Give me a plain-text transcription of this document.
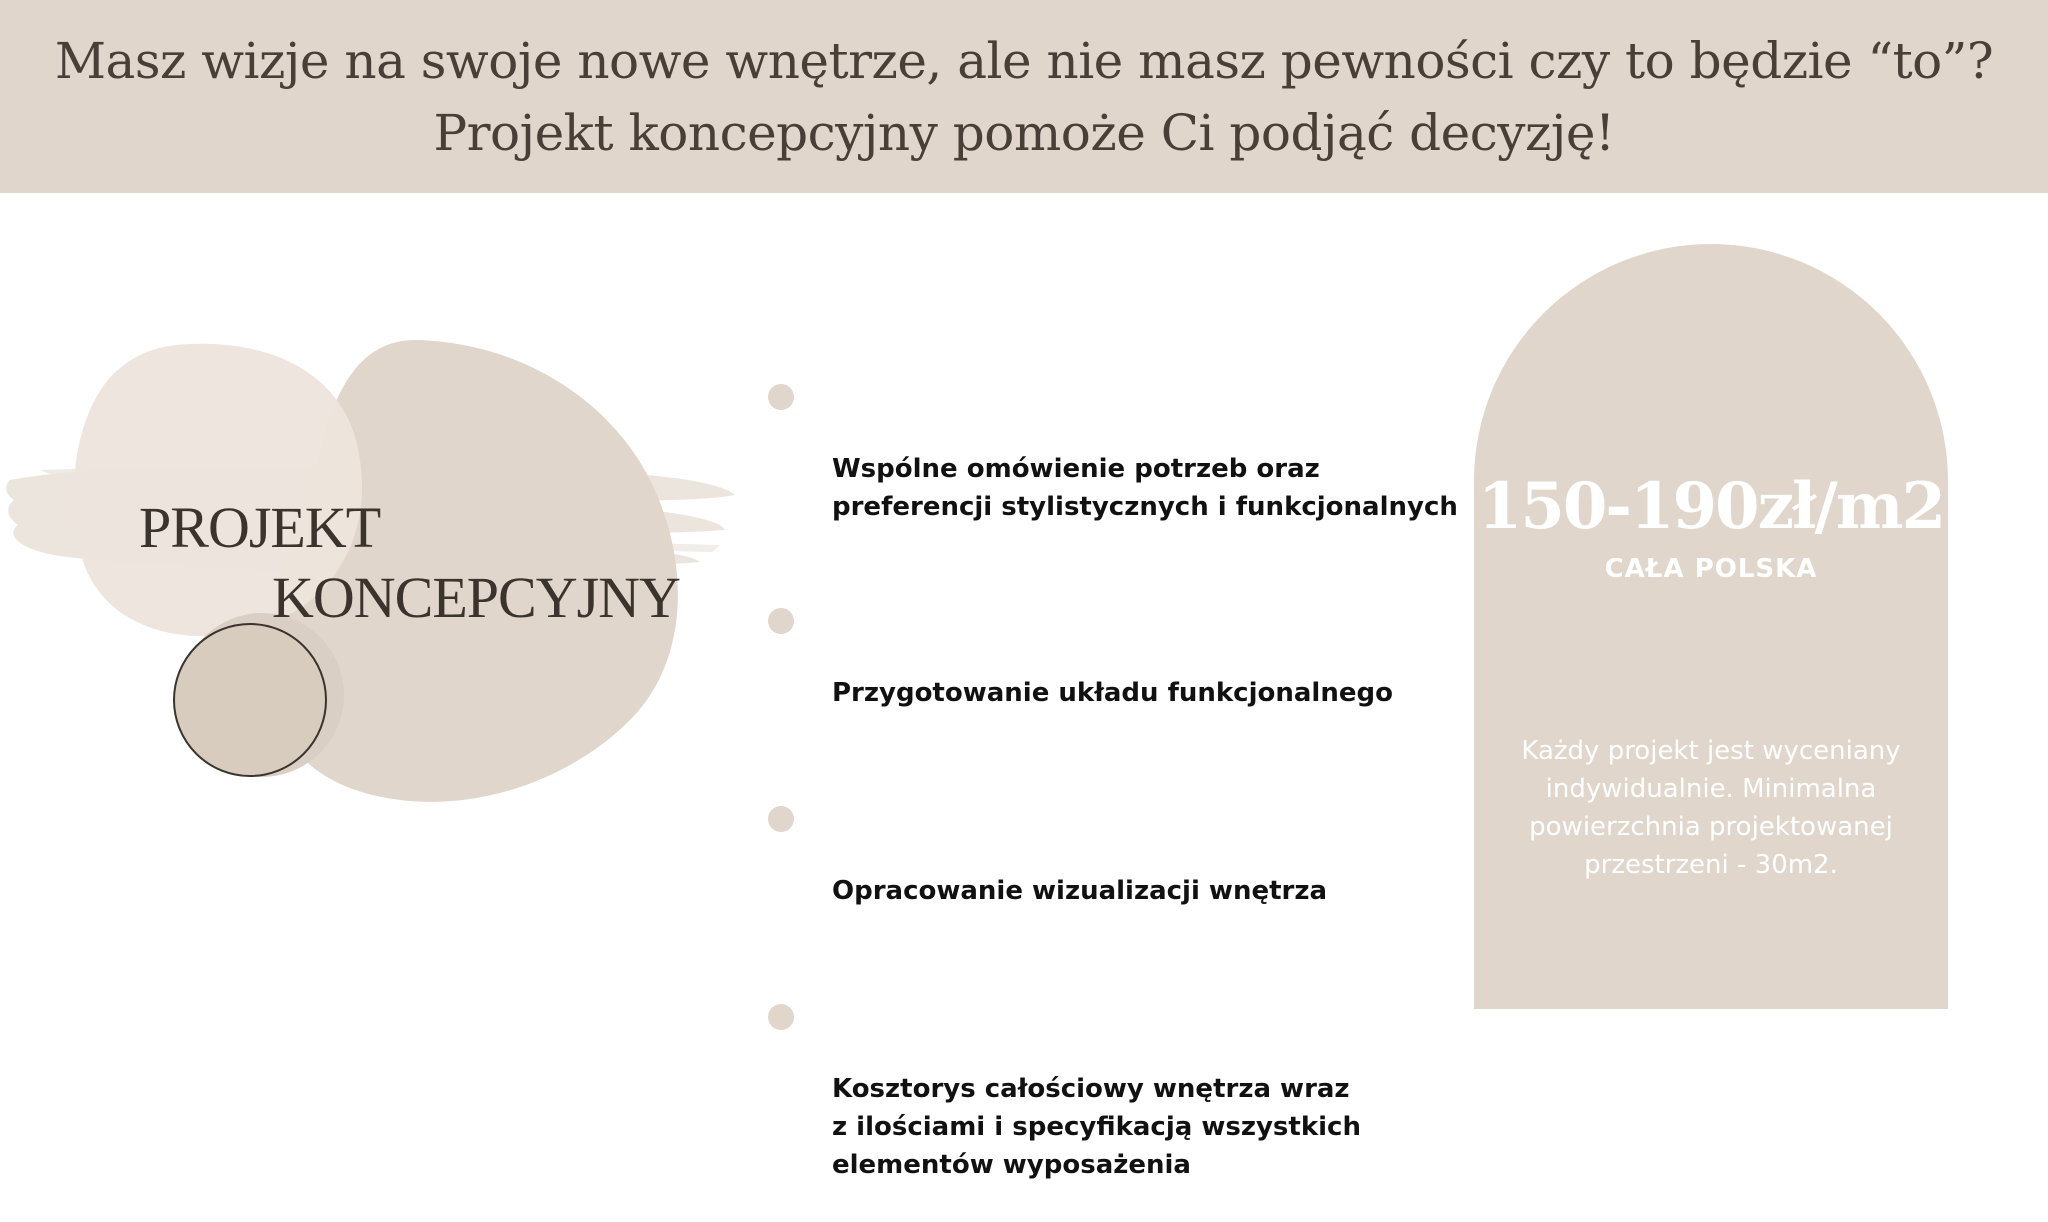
Masz wizje na swoje nowe wnętrze, ale nie masz pewności czy to będzie “to”?
Projekt koncepcyjny pomoże Ci podjąć decyzję!
PROJEKT
KONCEPCYJNY

Wspólne omówienie potrzeb oraz
preferencji stylistycznych i funkcjonalnych

Przygotowanie układu funkcjonalnego

Opracowanie wizualizacji wnętrza

Kosztorys całościowy wnętrza wraz
z ilościami i specyfikacją wszystkich
elementów wyposażenia

150-190zł/m2
CAŁA POLSKA
Każdy projekt jest wyceniany
indywidualnie. Minimalna
powierzchnia projektowanej
przestrzeni - 30m2.
